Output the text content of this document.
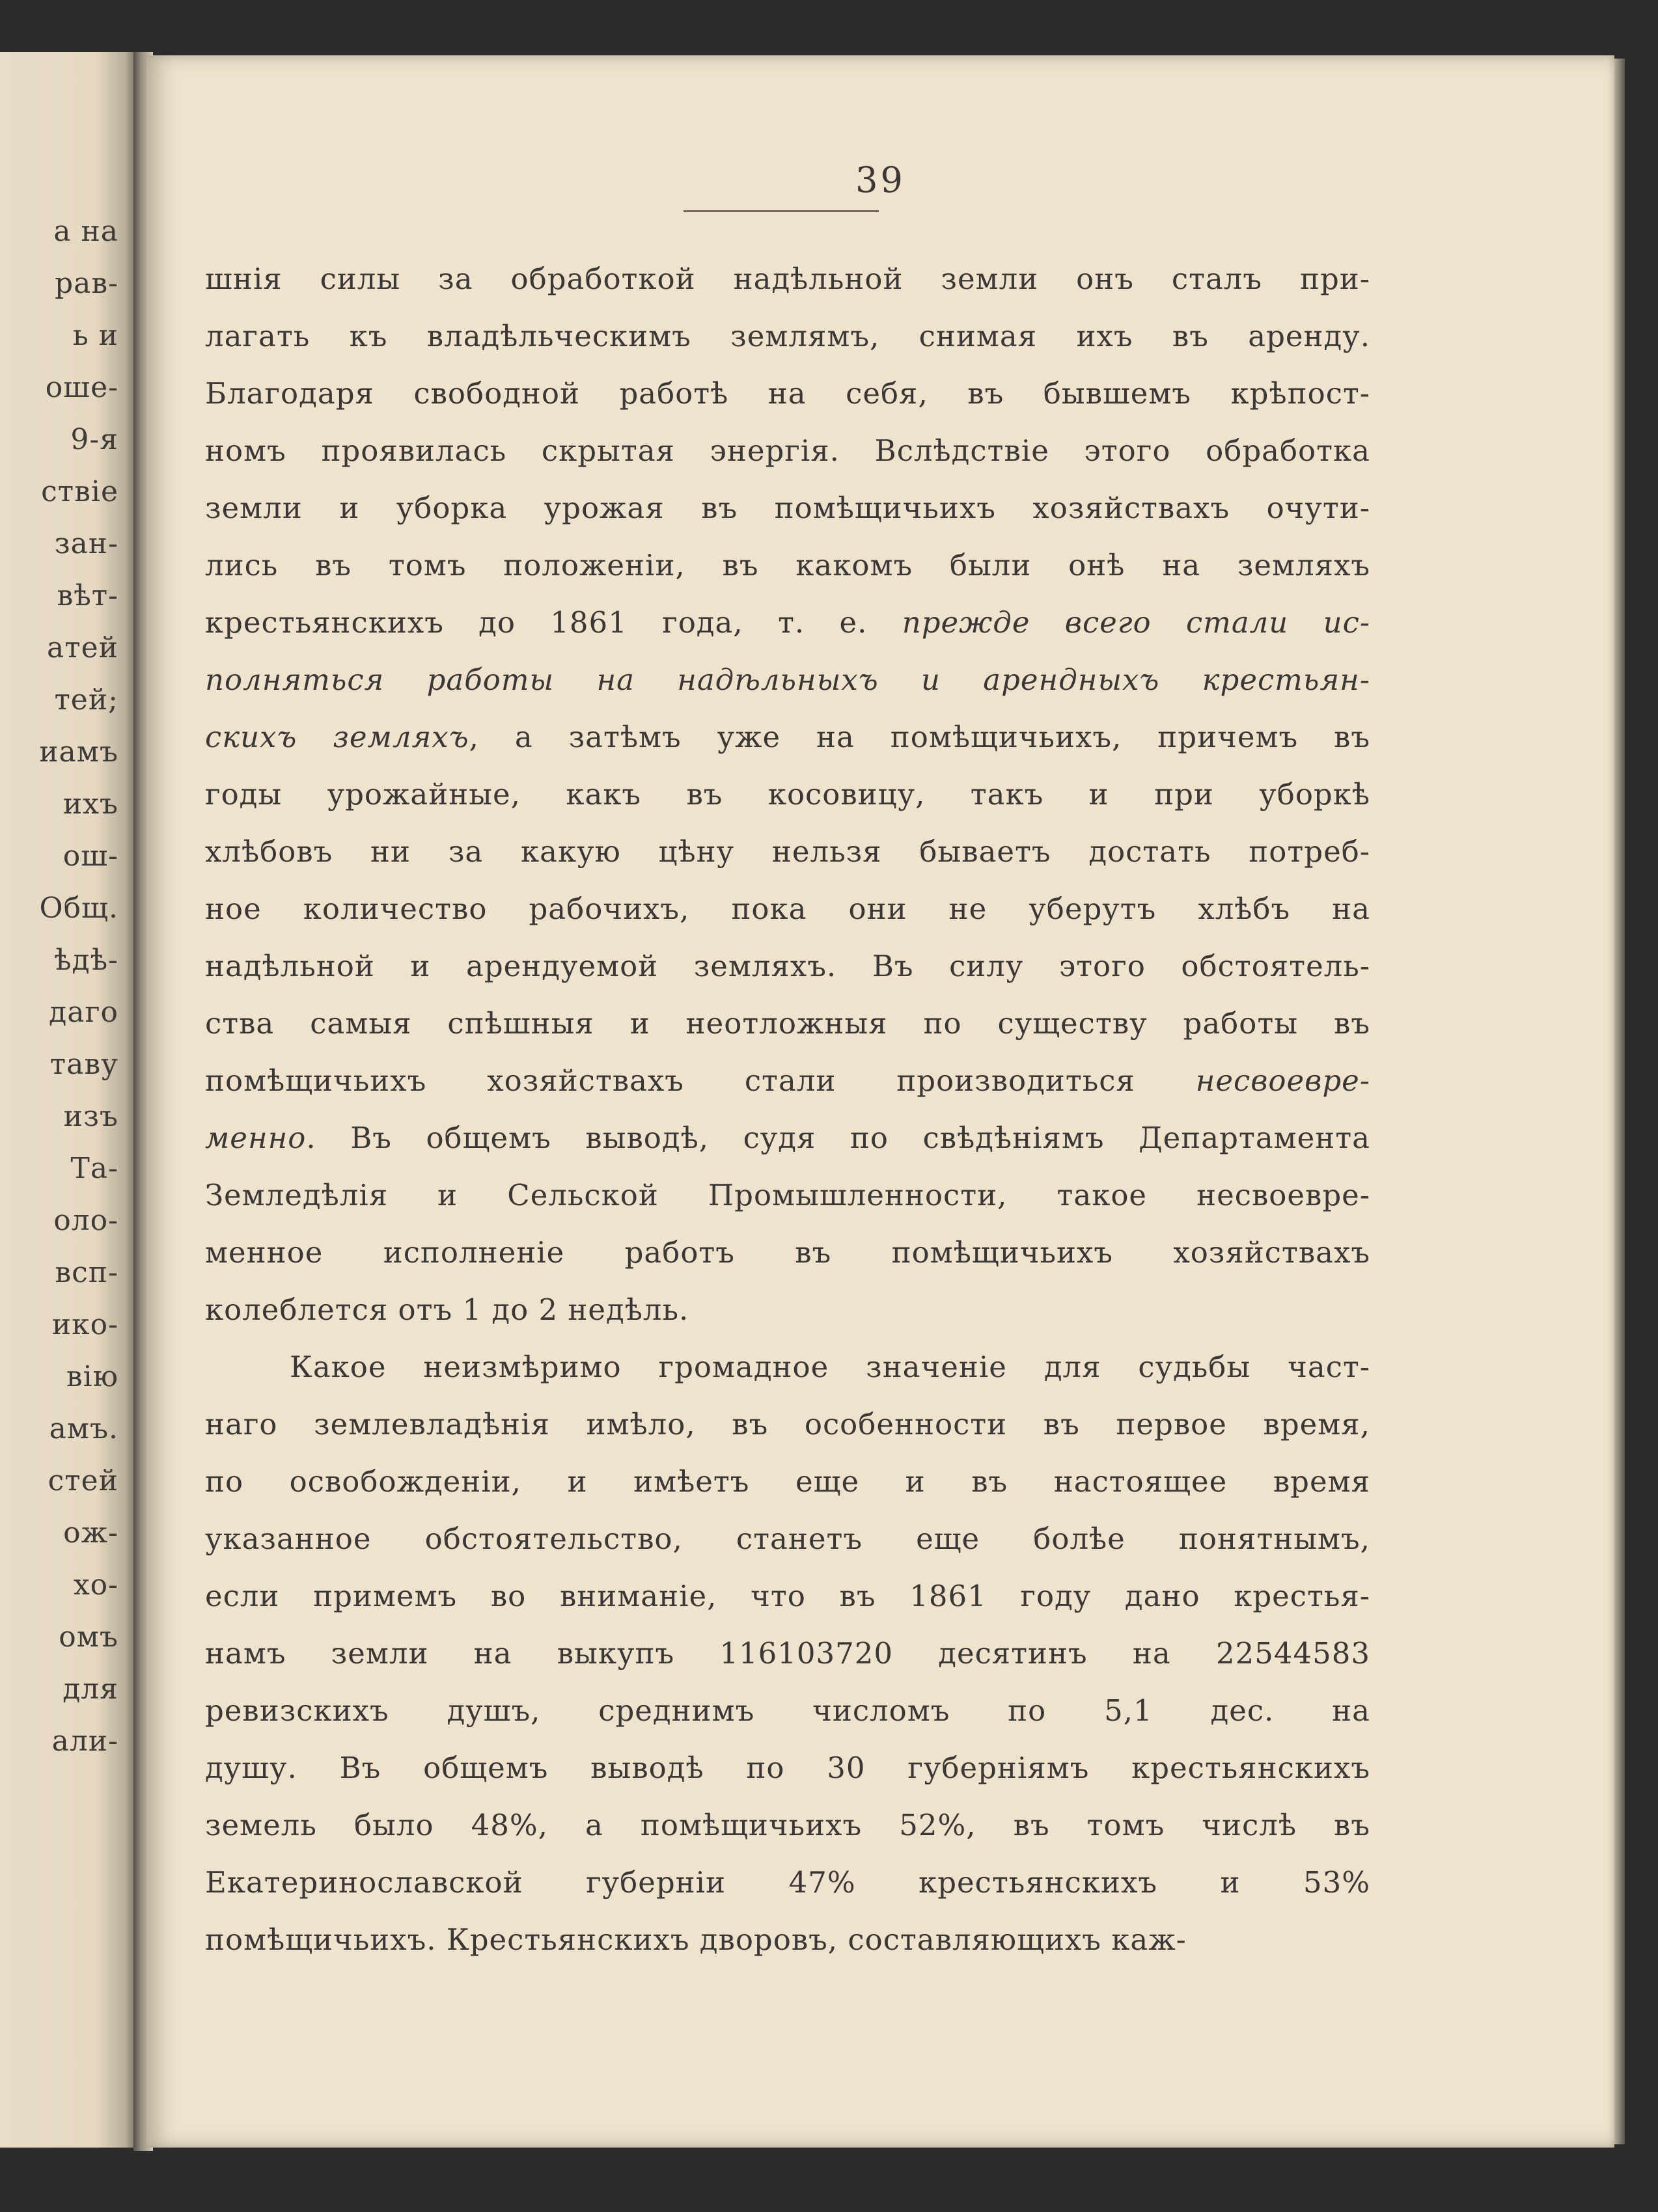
а на
рав-
ь и
оше-
9-я
ствіе
зан-
вѣт-
атей
тей;
иамъ
ихъ
ош-
Общ.
ѣдѣ-
даго
таву
изъ
Та-
оло-
всп-
ико-
вію
амъ.
стей
ож-
хо-
омъ
для
али-
39
шнія силы за обработкой надѣльной земли онъ сталъ при-
лагать къ владѣльческимъ землямъ, снимая ихъ въ аренду.
Благодаря свободной работѣ на себя, въ бывшемъ крѣпост-
номъ проявилась скрытая энергія. Вслѣдствіе этого обработка
земли и уборка урожая въ помѣщичьихъ хозяйствахъ очути-
лись въ томъ положеніи, въ какомъ были онѣ на земляхъ
крестьянскихъ до 1861 года, т. е. прежде всего стали ис-
полняться работы на надѣльныхъ и арендныхъ крестьян-
скихъ земляхъ, а затѣмъ уже на помѣщичьихъ, причемъ въ
годы урожайные, какъ въ косовицу, такъ и при уборкѣ
хлѣбовъ ни за какую цѣну нельзя бываетъ достать потреб-
ное количество рабочихъ, пока они не уберутъ хлѣбъ на
надѣльной и арендуемой земляхъ. Въ силу этого обстоятель-
ства самыя спѣшныя и неотложныя по существу работы въ
помѣщичьихъ хозяйствахъ стали производиться несвоевре-
менно. Въ общемъ выводѣ, судя по свѣдѣніямъ Департамента
Земледѣлія и Сельской Промышленности, такое несвоевре-
менное исполненіе работъ въ помѣщичьихъ хозяйствахъ
колеблется отъ 1 до 2 недѣль.
Какое неизмѣримо громадное значеніе для судьбы част-
наго землевладѣнія имѣло, въ особенности въ первое время,
по освобожденіи, и имѣетъ еще и въ настоящее время
указанное обстоятельство, станетъ еще болѣе понятнымъ,
если примемъ во вниманіе, что въ 1861 году дано крестья-
намъ земли на выкупъ 116103720 десятинъ на 22544583
ревизскихъ душъ, среднимъ числомъ по 5,1 дес. на
душу. Въ общемъ выводѣ по 30 губерніямъ крестьянскихъ
земель было 48%, а помѣщичьихъ 52%, въ томъ числѣ въ
Екатеринославской губерніи 47% крестьянскихъ и 53%
помѣщичьихъ. Крестьянскихъ дворовъ, составляющихъ каж-
